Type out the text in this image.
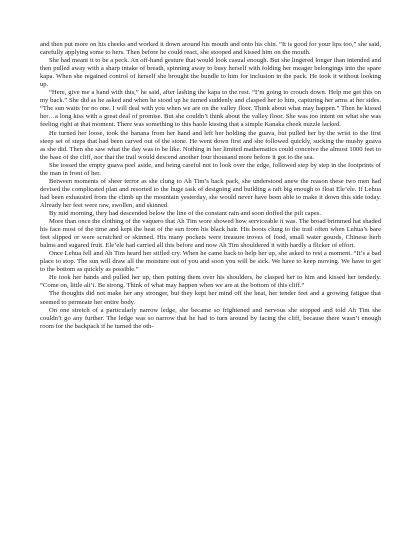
and then put more on his cheeks and worked it down around his mouth and onto his chin. “It is good for your lips too,” she said, carefully applying some to hers. Then before he could react, she stooped and kissed him on the mouth.

She had meant it to be a peck. An off-hand gesture that would look casual enough. But she lingered longer than intended and then pulled away with a sharp intake of breath, spinning away to busy herself with folding her meager belongings into the spare kapa. When she regained control of herself she brought the bundle to him for inclusion in the pack. He took it without looking up.

“Here, give me a hand with this,” he said, after lashing the kapa to the rest. “I’m going to crouch down. Help me get this on my back.” She did as he asked and when he stood up he turned suddenly and clasped her to him, capturing her arms at her sides. “The sun waits for no one. I will deal with you when we are on the valley floor. Think about what may happen.” Then he kissed her…a long kiss with a great deal of promise. But she couldn’t think about the valley floor. She was too intent on what she was feeling right at that moment. There was something to this haole kissing that a simple Kanaka cheek nuzzle lacked.

He turned her loose, took the banana from her hand and left her holding the guava, but pulled her by the wrist to the first steep set of steps that had been carved out of the stone. He went down first and she followed quickly, sucking the mushy guava as she did. Then she saw what the day was to be like. Nothing in her limited mathematics could conceive the almost 1000 feet to the base of the cliff, nor that the trail would descend another four thousand more before it got to the sea.

She tossed the empty guava peel aside, and being careful not to look over the edge, followed step by step in the footprints of the man in front of her.

Between moments of sheer terror as she clung to Ah Tim’s back pack, she understood anew the reason these two men had devised the complicated plan and resorted to the huge task of designing and building a raft big enough to float Ele’ele. If Lehua had been exhausted from the climb up the mountain yesterday, she would never have been able to make it down this side today. Already her feet were raw, swollen, and skinned.

By mid morning, they had descended below the line of the constant rain and soon doffed the pili capes.

More than once the clothing of the vaquero that Ah Tim wore showed how serviceable it was. The broad brimmed hat shaded his face most of the time and kept the heat of the sun from his black hair. His boots clung to the trail often when Lehua’s bare feet slipped or were scratched or skinned. His many pockets were treasure troves of food, small water gourds, Chinese herb balms and sugared fruit. Ele’ele had carried all this before and now Ah Tim shouldered it with hardly a flicker of effort.

Once Lehua fell and Ah Tim heard her stifled cry. When he came back to help her up, she asked to rest a moment. “It’s a bad place to stop. The sun will draw all the moisture out of you and soon you will be sick. We have to keep moving. We have to get to the bottom as quickly as possible.”

He took her hands and pulled her up, then putting them over his shoulders, he clasped her to him and kissed her tenderly. “Come on, little ali’i. Be strong. Think of what may happen when we are at the bottom of this cliff.”

The thoughts did not make her any stronger, but they kept her mind off the heat, her tender feet and a growing fatigue that seemed to permeate her entire body.

On one stretch of a particularly narrow ledge, she became so frightened and nervous she stopped and told Ah Tim she couldn’t go any further. The ledge was so narrow that he had to turn around by facing the cliff, because there wasn’t enough room for the backpack if he turned the oth-
